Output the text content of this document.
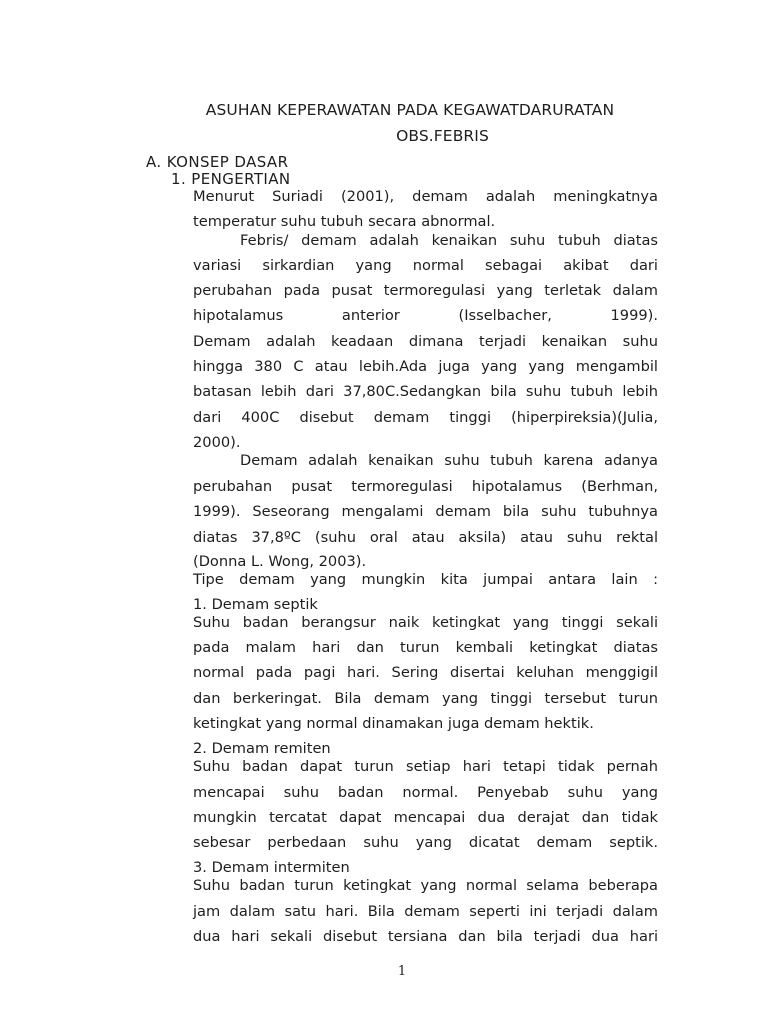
ASUHAN KEPERAWATAN PADA KEGAWATDARURATAN
OBS.FEBRIS
A. KONSEP DASAR
1. PENGERTIAN
Menurut Suriadi (2001), demam adalah meningkatnya
temperatur suhu tubuh secara abnormal.
Febris/ demam adalah kenaikan suhu tubuh diatas
variasi sirkardian yang normal sebagai akibat dari
perubahan pada pusat termoregulasi yang terletak dalam
hipotalamus anterior (Isselbacher, 1999).
Demam adalah keadaan dimana terjadi kenaikan suhu
hingga 380 C atau lebih.Ada juga yang yang mengambil
batasan lebih dari 37,80C.Sedangkan bila suhu tubuh lebih
dari 400C disebut demam tinggi (hiperpireksia)(Julia,
2000).
Demam adalah kenaikan suhu tubuh karena adanya
perubahan pusat termoregulasi hipotalamus (Berhman,
1999). Seseorang mengalami demam bila suhu tubuhnya
diatas 37,8ºC (suhu oral atau aksila) atau suhu rektal
(Donna L. Wong, 2003).
Tipe demam yang mungkin kita jumpai antara lain :
1. Demam septik
Suhu badan berangsur naik ketingkat yang tinggi sekali
pada malam hari dan turun kembali ketingkat diatas
normal pada pagi hari. Sering disertai keluhan menggigil
dan berkeringat. Bila demam yang tinggi tersebut turun
ketingkat yang normal dinamakan juga demam hektik.
2. Demam remiten
Suhu badan dapat turun setiap hari tetapi tidak pernah
mencapai suhu badan normal. Penyebab suhu yang
mungkin tercatat dapat mencapai dua derajat dan tidak
sebesar perbedaan suhu yang dicatat demam septik.
3. Demam intermiten
Suhu badan turun ketingkat yang normal selama beberapa
jam dalam satu hari. Bila demam seperti ini terjadi dalam
dua hari sekali disebut tersiana dan bila terjadi dua hari
1
